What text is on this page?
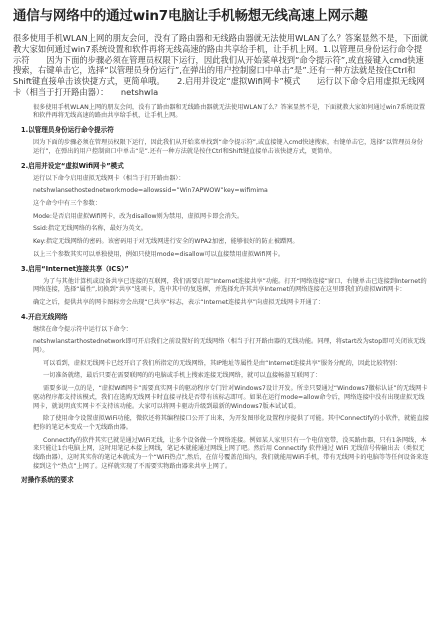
通信与网络中的通过win7电脑让手机畅想无线高速上网示趣
很多使用手机WLAN上网的朋友会问，没有了路由器和无线路由器就无法使用WLAN了么？答案显然不是，下面就教大家如何通过win7系统设置和软件再将无线高速的路由共享给手机，让手机上网。1.以管理员身份运行命令提示符　　因为下面的步骤必须在管理员权限下运行，因此我们从开始菜单找到“命令提示符”,或直接键入cmd快速搜索，右键单击它，选择“以管理员身份运行”,在弹出的用户控制窗口中单击“是”.还有一种方法就是按住Ctrl和Shift键直接单击该快捷方式，更简单哦。　　2.启用并设定“虚拟Wifi网卡”模式　　运行以下命令启用虚拟无线网卡（相当于打开路由器）：　　netshwla
很多使用手机WLAN上网的朋友会问，没有了路由器和无线路由器就无法使用WLAN了么？答案显然不是，下面就教大家如何通过win7系统设置和软件再将无线高速的路由共享给手机，让手机上网。
1.以管理员身份运行命令提示符
因为下面的步骤必须在管理员权限下运行，因此我们从开始菜单找到“命令提示符”,或直接键入cmd快速搜索，右键单击它，选择“以管理员身份运行”，在弹出的用户控制窗口中单击“是”.还有一种方法就是按住Ctrl和Shift键直接单击该快捷方式，更简单。
2.启用并设定“虚拟Wifi网卡”模式
运行以下命令启用虚拟无线网卡（相当于打开路由器）：
netshwlansethostednetworkmode=allowssid=”Win7APWOW”key=wifimima
这个命令中有三个参数：
Mode:是否启用虚拟Wifi网卡，改为disallow则为禁用，虚拟网卡即会消失。
Ssid:指定无线网络的名称，最好为英文。
Key:指定无线网络的密码。该密码用于对无线网进行安全的WPA2加密，能够很好的防止被蹭网。
以上三个参数其实可以单独使用，例如只使用mode=disallow可以直接禁用虚拟Wifi网卡。
3.启用“Internet连接共享（ICS）”
为了与其他计算机或设备共享已连接的互联网，我们需要启用“Internet连接共享”功能。打开“网络连接”窗口，右键单击已连接到Internet的网络连接，选择“属性”,切换到“共享”选项卡，选中其中的复选框，并选择允许其共享Internet的网络连接在这里即我们的虚拟Wifi网卡：
确定之后，提供共享的网卡图标旁会出现“已共享”标志，表示“Internet连接共享”向虚拟无线网卡开通了：
4.开启无线网络
继续在命令提示符中运行以下命令：
netshwlanstarthostednetwork即可开启我们之前设置好的无线网络（相当于打开路由器的无线功能。同理，将start改为stop即可关闭该无线网）。
可以看到，虚拟无线网卡已经开启了我们所指定的无线网络，其IP地址等属性是由“Internet连接共享”服务分配的，因此比较特别：
一切准备就绪，最后只要在需要联网的的电脑或手机上搜索连接无线网络，就可以直接畅游互联网了：
需要多说一点的是，“虚拟Wifi网卡”需要真实网卡的驱动程序专门针对Windows7设计开发。所幸只要通过“Windows7徽标认证”的无线网卡驱动程序都支持该模式，我们在选购无线网卡时直接寻找是否带有该标志即可。如果在运行mode=allow命令后，网络连接中没有出现虚拟无线网卡，就说明真实网卡不支持该功能。大家可以将网卡驱动升级到最新的Windows7版本试试看。
除了使用命令设置虚拟WiFi功能，微软还将其编程接口公开了出来，为开发图形化设置程序提供了可能。其中Connectify的小软件，就能直接把你的笔记本变成一个无线路由器。
Connectify的软件其实已就是通过WiFi无线，让多个设备做一个网络连接。例如某人家里只有一个电信宽带，没买路由器，只有1条网线，本来只能让1台电脑上网，这时用笔记本接上网线，笔记本就能通过网线上网了吧。然后用 Connectify 软件通过 WiFi 无线信号传输出去（类似无线路由器），这时其实你的笔记本就成为一个“WiFi热点”,然后，在信号覆盖范围内，我们就能用WiFi手机，带有无线网卡的电脑等等任何设备来连接到这个“热点”上网了。这样就实现了不需要实物路由器来共享上网了。
对操作系统的要求
